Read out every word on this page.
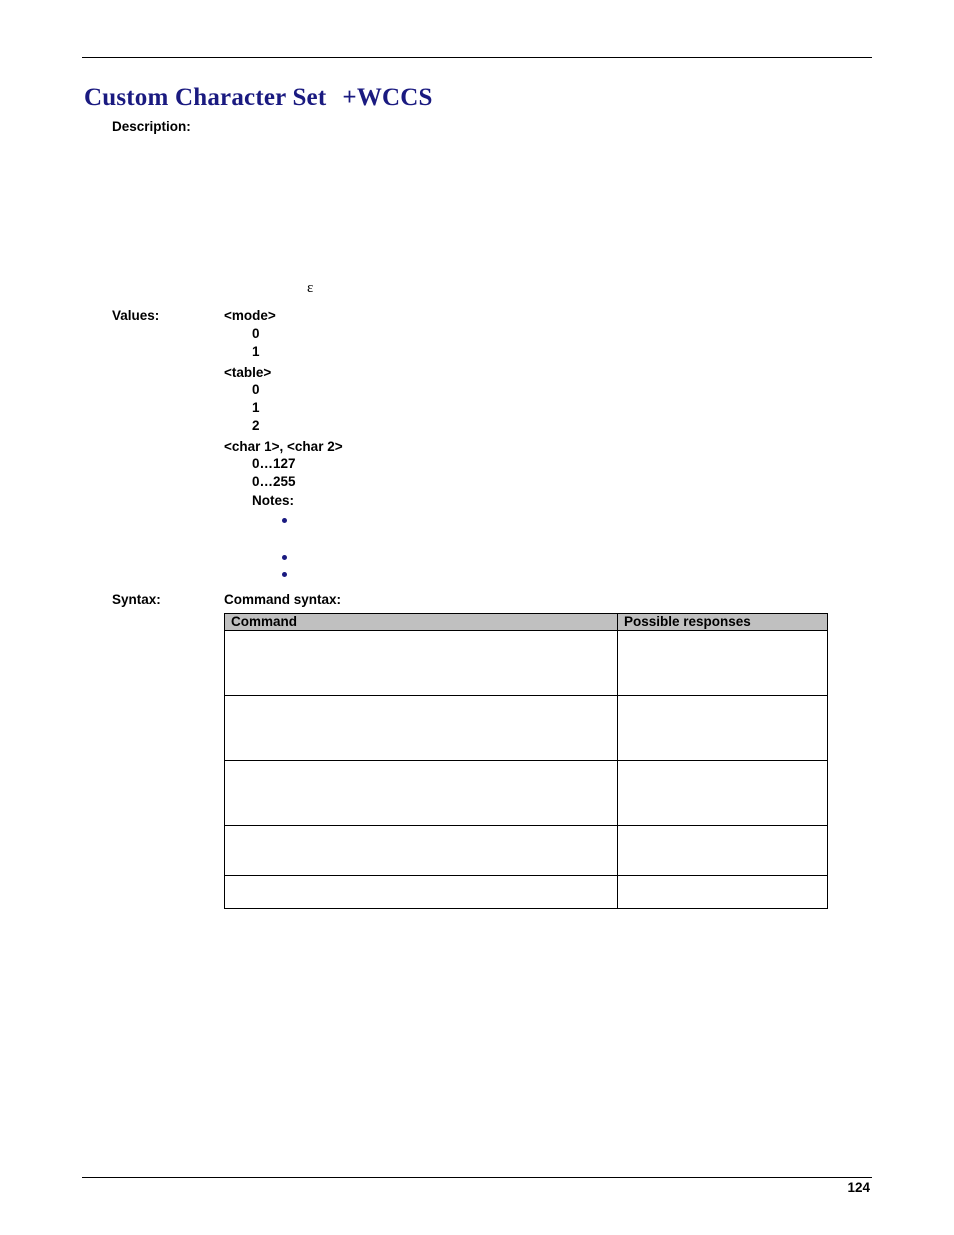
Custom Character Set +WCCS
Description:
ε
Values:	<mode>
0
1
<table>
0
1
2
<char 1>, <char 2>
0…127
0…255
Notes:
Syntax:	Command syntax:
Command	Possible responses

124
